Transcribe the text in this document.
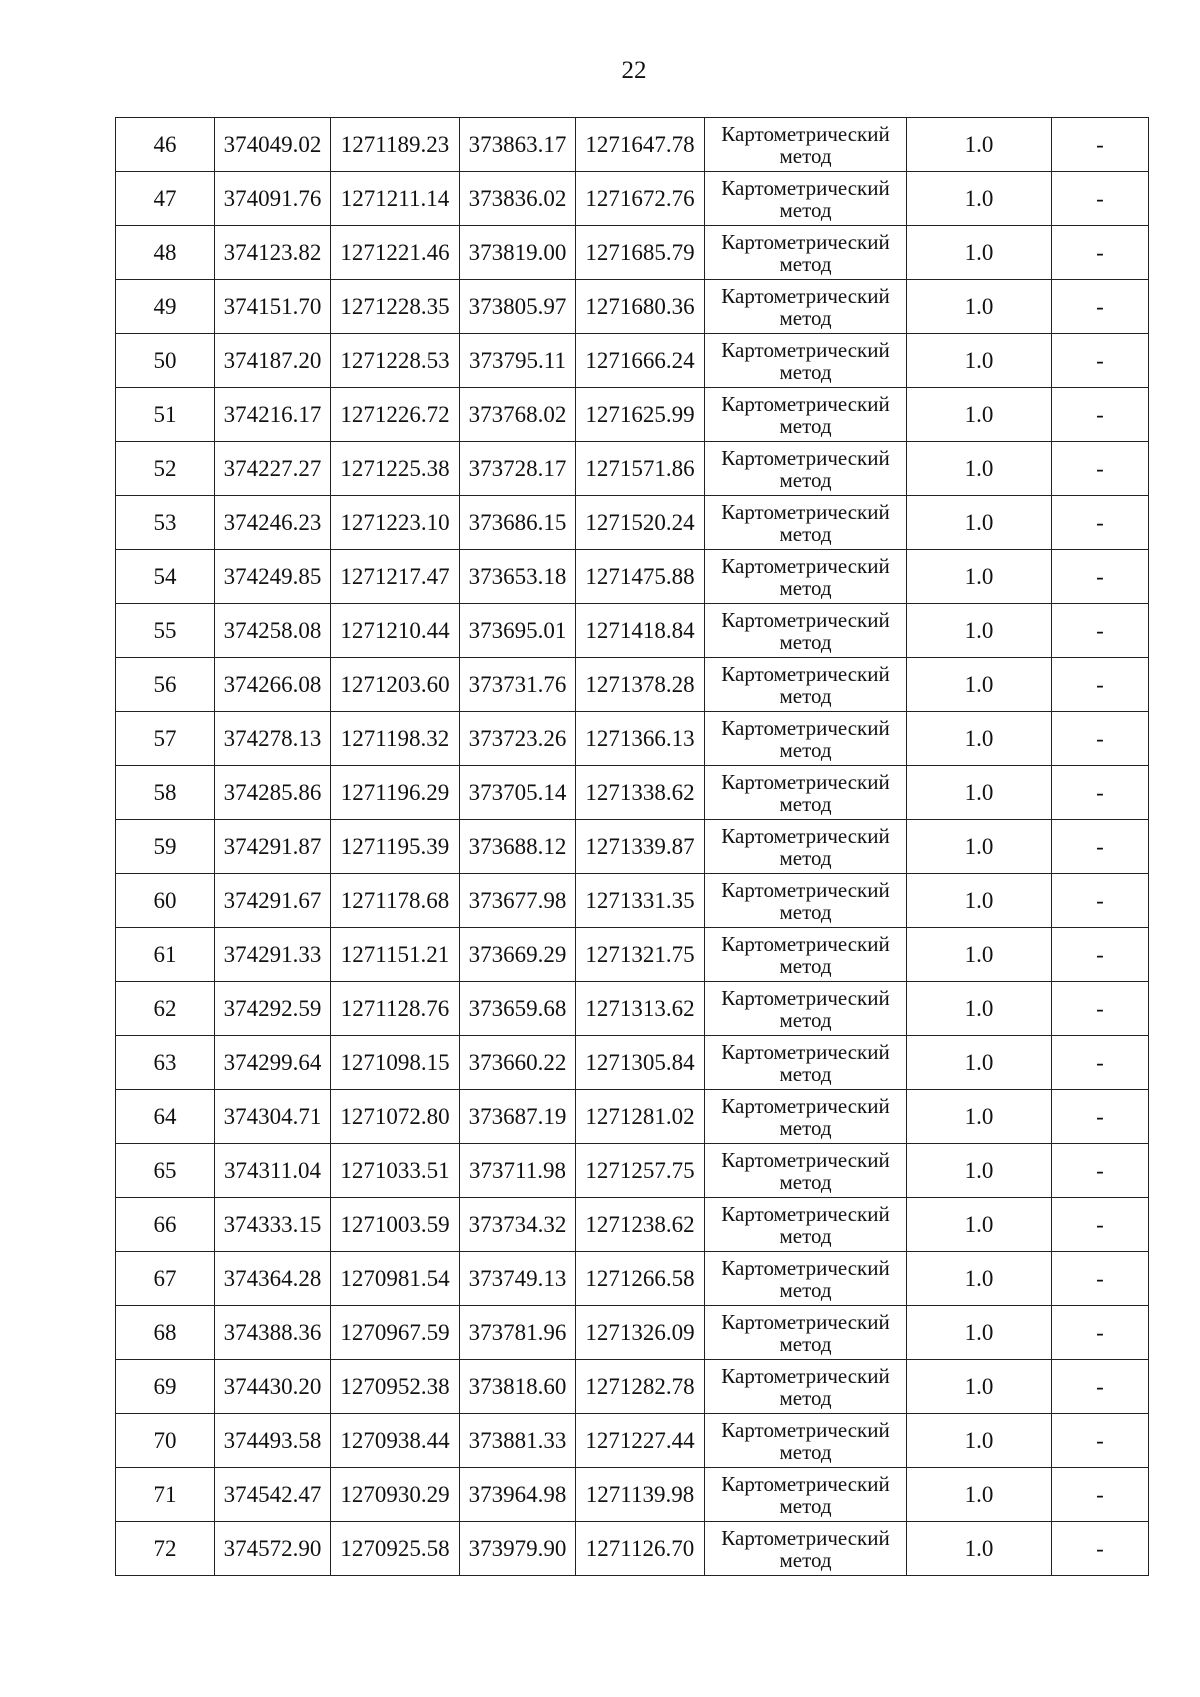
22
46	374049.02	1271189.23	373863.17	1271647.78	Картометрический
метод	1.0	-
47	374091.76	1271211.14	373836.02	1271672.76	Картометрический
метод	1.0	-
48	374123.82	1271221.46	373819.00	1271685.79	Картометрический
метод	1.0	-
49	374151.70	1271228.35	373805.97	1271680.36	Картометрический
метод	1.0	-
50	374187.20	1271228.53	373795.11	1271666.24	Картометрический
метод	1.0	-
51	374216.17	1271226.72	373768.02	1271625.99	Картометрический
метод	1.0	-
52	374227.27	1271225.38	373728.17	1271571.86	Картометрический
метод	1.0	-
53	374246.23	1271223.10	373686.15	1271520.24	Картометрический
метод	1.0	-
54	374249.85	1271217.47	373653.18	1271475.88	Картометрический
метод	1.0	-
55	374258.08	1271210.44	373695.01	1271418.84	Картометрический
метод	1.0	-
56	374266.08	1271203.60	373731.76	1271378.28	Картометрический
метод	1.0	-
57	374278.13	1271198.32	373723.26	1271366.13	Картометрический
метод	1.0	-
58	374285.86	1271196.29	373705.14	1271338.62	Картометрический
метод	1.0	-
59	374291.87	1271195.39	373688.12	1271339.87	Картометрический
метод	1.0	-
60	374291.67	1271178.68	373677.98	1271331.35	Картометрический
метод	1.0	-
61	374291.33	1271151.21	373669.29	1271321.75	Картометрический
метод	1.0	-
62	374292.59	1271128.76	373659.68	1271313.62	Картометрический
метод	1.0	-
63	374299.64	1271098.15	373660.22	1271305.84	Картометрический
метод	1.0	-
64	374304.71	1271072.80	373687.19	1271281.02	Картометрический
метод	1.0	-
65	374311.04	1271033.51	373711.98	1271257.75	Картометрический
метод	1.0	-
66	374333.15	1271003.59	373734.32	1271238.62	Картометрический
метод	1.0	-
67	374364.28	1270981.54	373749.13	1271266.58	Картометрический
метод	1.0	-
68	374388.36	1270967.59	373781.96	1271326.09	Картометрический
метод	1.0	-
69	374430.20	1270952.38	373818.60	1271282.78	Картометрический
метод	1.0	-
70	374493.58	1270938.44	373881.33	1271227.44	Картометрический
метод	1.0	-
71	374542.47	1270930.29	373964.98	1271139.98	Картометрический
метод	1.0	-
72	374572.90	1270925.58	373979.90	1271126.70	Картометрический
метод	1.0	-
